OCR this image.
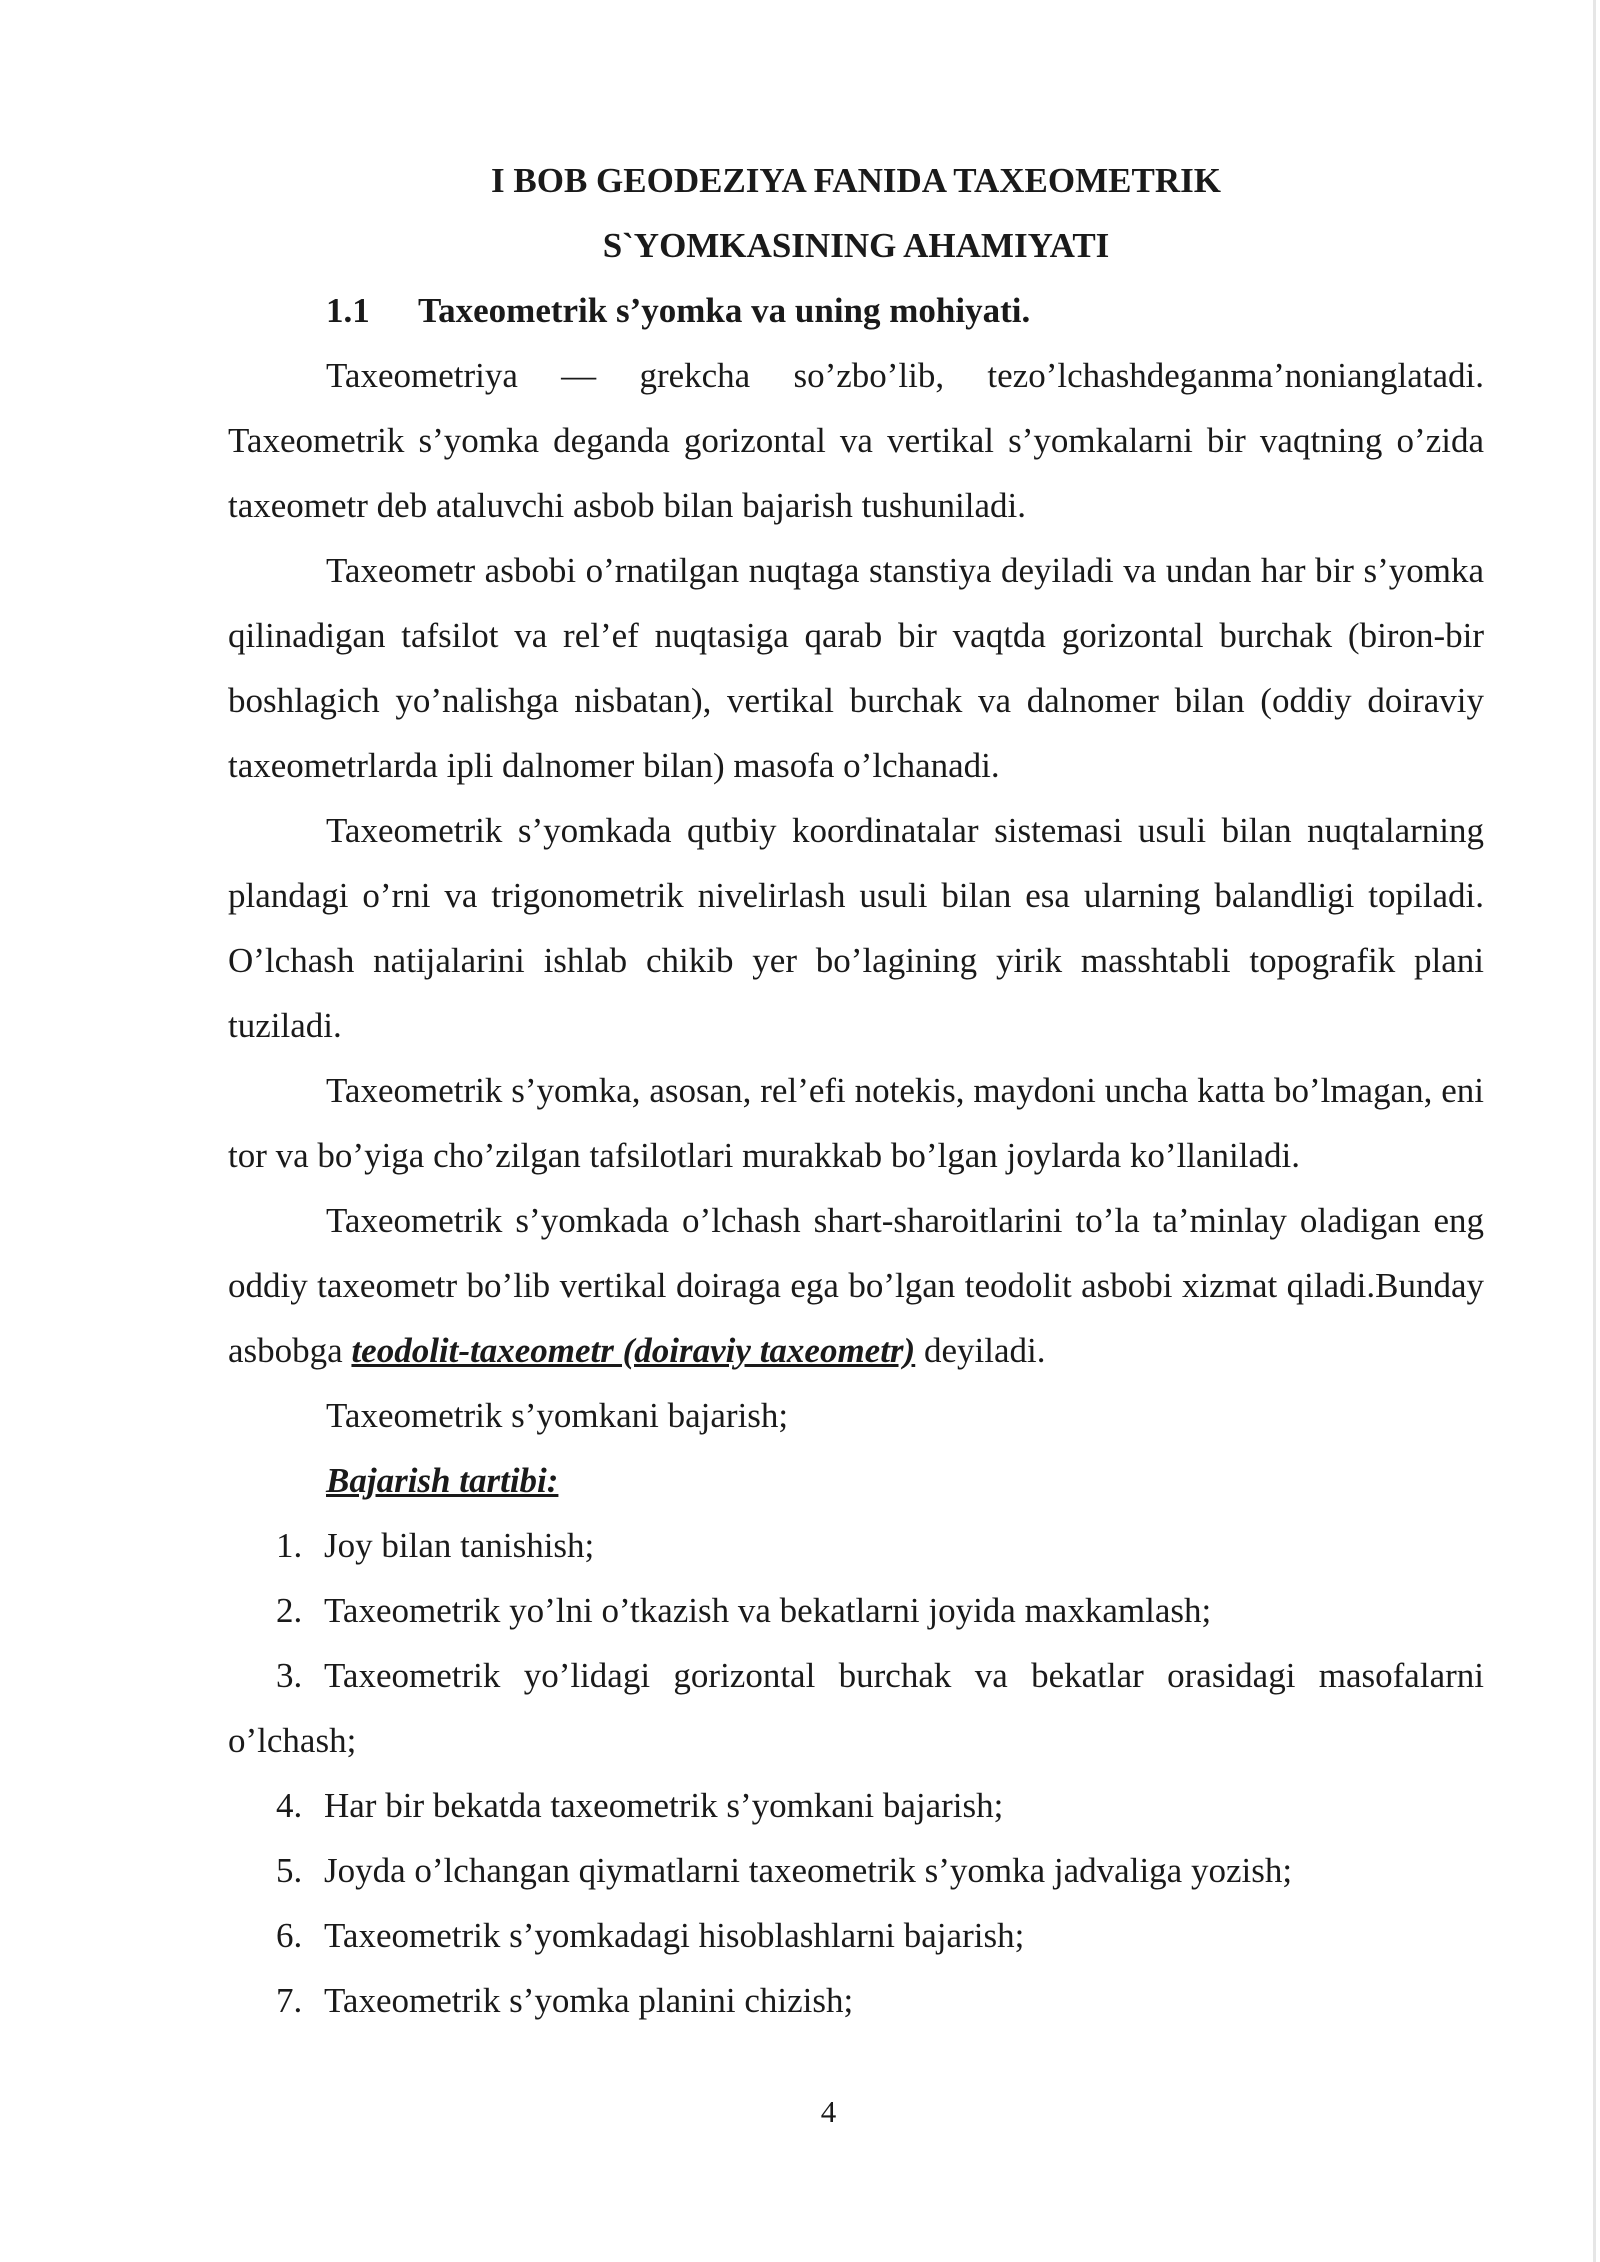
I BOB GEODEZIYA FANIDA TAXEOMETRIK
S`YOMKASINING AHAMIYATI
1.1 Taxeometrik s’yomka va uning mohiyati.

Taxeometriya — grekcha so’zbo’lib, tezo’lchashdeganma’nonianglatadi. Taxeometrik s’yomka deganda gorizontal va vertikal s’yomkalarni bir vaqtning o’zida taxeometr deb ataluvchi asbob bilan bajarish tushuniladi.

Taxeometr asbobi o’rnatilgan nuqtaga stanstiya deyiladi va undan har bir s’yomka qilinadigan tafsilot va rel’ef nuqtasiga qarab bir vaqtda gorizontal burchak (biron-bir boshlagich yo’nalishga nisbatan), vertikal burchak va dalnomer bilan (oddiy doiraviy taxeometrlarda ipli dalnomer bilan) masofa o’lchanadi.

Taxeometrik s’yomkada qutbiy koordinatalar sistemasi usuli bilan nuqtalarning plandagi o’rni va trigonometrik nivelirlash usuli bilan esa ularning balandligi topiladi. O’lchash natijalarini ishlab chikib yer bo’lagining yirik masshtabli topografik plani tuziladi.

Taxeometrik s’yomka, asosan, rel’efi notekis, maydoni uncha katta bo’lmagan, eni tor va bo’yiga cho’zilgan tafsilotlari murakkab bo’lgan joylarda ko’llaniladi.

Taxeometrik s’yomkada o’lchash shart-sharoitlarini to’la ta’minlay oladigan eng oddiy taxeometr bo’lib vertikal doiraga ega bo’lgan teodolit asbobi xizmat qiladi.Bunday asbobga teodolit-taxeometr (doiraviy taxeometr) deyiladi.

Taxeometrik s’yomkani bajarish;

Bajarish tartibi:

1. Joy bilan tanishish;
2. Taxeometrik yo’lni o’tkazish va bekatlarni joyida maxkamlash;
3. Taxeometrik yo’lidagi gorizontal burchak va bekatlar orasidagi masofalarni o’lchash;
4. Har bir bekatda taxeometrik s’yomkani bajarish;
5. Joyda o’lchangan qiymatlarni taxeometrik s’yomka jadvaliga yozish;
6. Taxeometrik s’yomkadagi hisoblashlarni bajarish;
7. Taxeometrik s’yomka planini chizish;
4
